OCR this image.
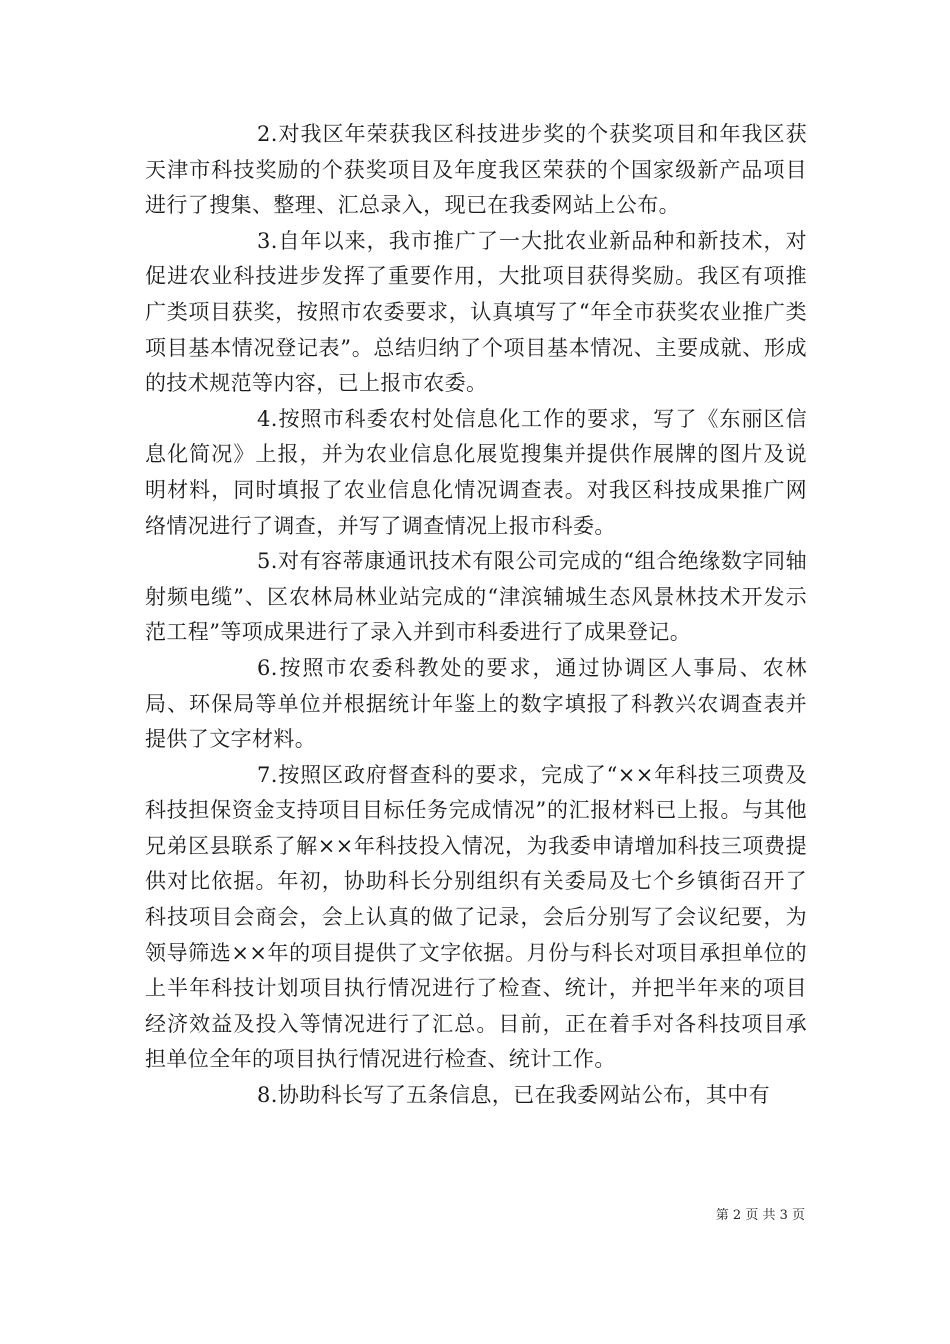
2.对我区年荣获我区科技进步奖的个获奖项目和年我区获天津市科技奖励的个获奖项目及年度我区荣获的个国家级新产品项目进行了搜集、整理、汇总录入，现已在我委网站上公布。

3.自年以来，我市推广了一大批农业新品种和新技术，对促进农业科技进步发挥了重要作用，大批项目获得奖励。我区有项推广类项目获奖，按照市农委要求，认真填写了“年全市获奖农业推广类项目基本情况登记表”。总结归纳了个项目基本情况、主要成就、形成的技术规范等内容，已上报市农委。

4.按照市科委农村处信息化工作的要求，写了《东丽区信息化简况》上报，并为农业信息化展览搜集并提供作展牌的图片及说明材料，同时填报了农业信息化情况调查表。对我区科技成果推广网络情况进行了调查，并写了调查情况上报市科委。

5.对有容蒂康通讯技术有限公司完成的“组合绝缘数字同轴射频电缆”、区农林局林业站完成的“津滨辅城生态风景林技术开发示范工程”等项成果进行了录入并到市科委进行了成果登记。

6.按照市农委科教处的要求，通过协调区人事局、农林局、环保局等单位并根据统计年鉴上的数字填报了科教兴农调查表并提供了文字材料。

7.按照区政府督查科的要求，完成了“××年科技三项费及科技担保资金支持项目目标任务完成情况”的汇报材料已上报。与其他兄弟区县联系了解××年科技投入情况，为我委申请增加科技三项费提供对比依据。年初，协助科长分别组织有关委局及七个乡镇街召开了科技项目会商会，会上认真的做了记录，会后分别写了会议纪要，为领导筛选××年的项目提供了文字依据。月份与科长对项目承担单位的上半年科技计划项目执行情况进行了检查、统计，并把半年来的项目经济效益及投入等情况进行了汇总。目前，正在着手对各科技项目承担单位全年的项目执行情况进行检查、统计工作。

8.协助科长写了五条信息，已在我委网站公布，其中有

第 2 页 共 3 页
